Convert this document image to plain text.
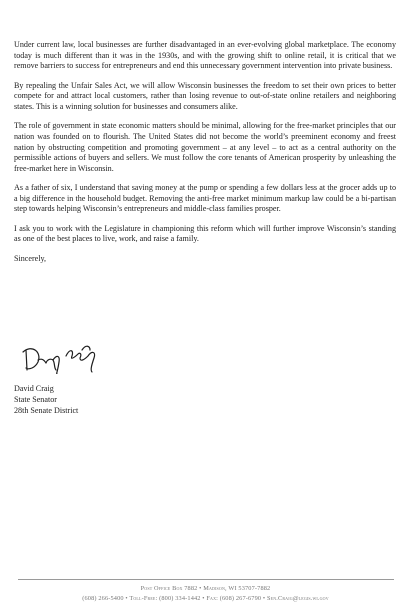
Under current law, local businesses are further disadvantaged in an ever-evolving global marketplace. The economy today is much different than it was in the 1930s, and with the growing shift to online retail, it is critical that we remove barriers to success for entrepreneurs and end this unnecessary government intervention into private business.

By repealing the Unfair Sales Act, we will allow Wisconsin businesses the freedom to set their own prices to better compete for and attract local customers, rather than losing revenue to out-of-state online retailers and neighboring states. This is a winning solution for businesses and consumers alike.

The role of government in state economic matters should be minimal, allowing for the free-market principles that our nation was founded on to flourish. The United States did not become the world’s preeminent economy and freest nation by obstructing competition and promoting government – at any level – to act as a central authority on the permissible actions of buyers and sellers. We must follow the core tenants of American prosperity by unleashing the free-market here in Wisconsin.

As a father of six, I understand that saving money at the pump or spending a few dollars less at the grocer adds up to a big difference in the household budget. Removing the anti-free market minimum markup law could be a bi-partisan step towards helping Wisconsin’s entrepreneurs and middle-class families prosper.

I ask you to work with the Legislature in championing this reform which will further improve Wisconsin’s standing as one of the best places to live, work, and raise a family.

Sincerely,

David Craig
State Senator
28th Senate District
Post Office Box 7882 • Madison, WI 53707-7882
(608) 266-5400 • Toll-Free: (800) 334-1442 • Fax: (608) 267-6790 • Sen.Craig@legis.wi.gov
